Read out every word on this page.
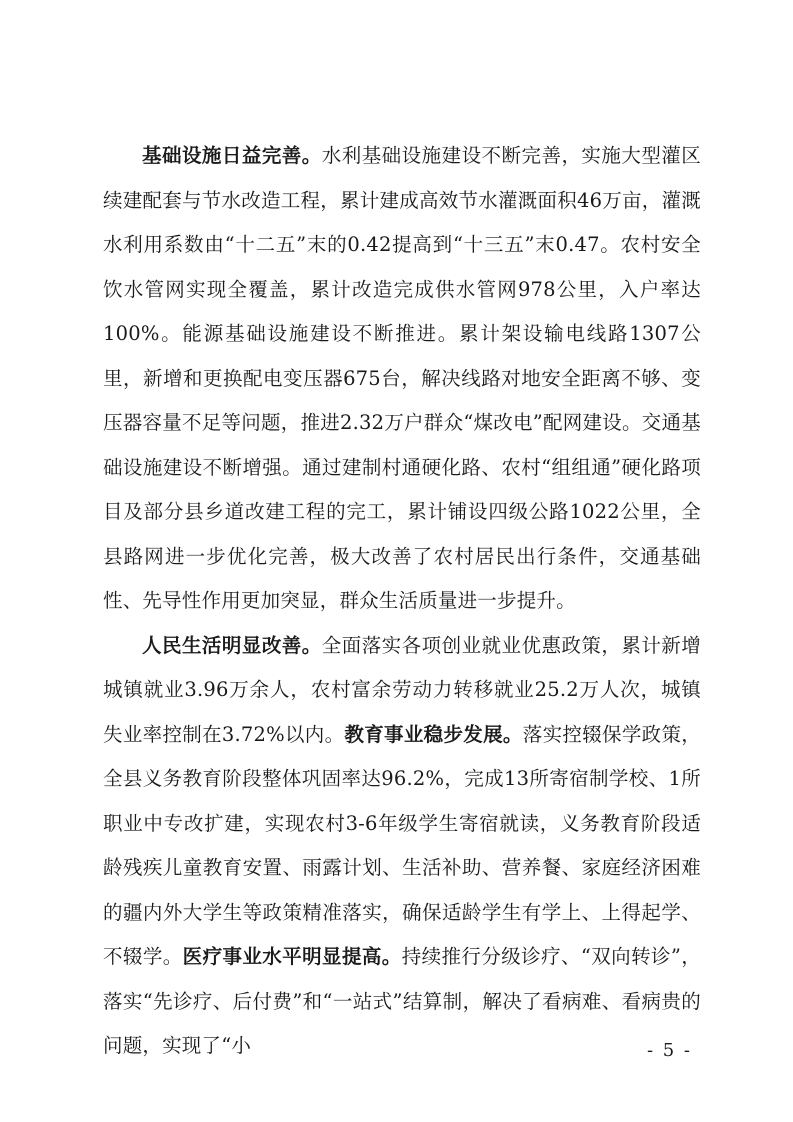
基础设施日益完善。水利基础设施建设不断完善，实施大型灌区续建配套与节水改造工程，累计建成高效节水灌溉面积46万亩，灌溉水利用系数由“十二五”末的0.42提高到“十三五”末0.47。农村安全饮水管网实现全覆盖，累计改造完成供水管网978公里，入户率达100%。能源基础设施建设不断推进。累计架设输电线路1307公里，新增和更换配电变压器675台，解决线路对地安全距离不够、变压器容量不足等问题，推进2.32万户群众“煤改电”配网建设。交通基础设施建设不断增强。通过建制村通硬化路、农村“组组通”硬化路项目及部分县乡道改建工程的完工，累计铺设四级公路1022公里，全县路网进一步优化完善，极大改善了农村居民出行条件，交通基础性、先导性作用更加突显，群众生活质量进一步提升。

人民生活明显改善。全面落实各项创业就业优惠政策，累计新增城镇就业3.96万余人，农村富余劳动力转移就业25.2万人次，城镇失业率控制在3.72%以内。教育事业稳步发展。落实控辍保学政策，全县义务教育阶段整体巩固率达96.2%，完成13所寄宿制学校、1所职业中专改扩建，实现农村3-6年级学生寄宿就读，义务教育阶段适龄残疾儿童教育安置、雨露计划、生活补助、营养餐、家庭经济困难的疆内外大学生等政策精准落实，确保适龄学生有学上、上得起学、不辍学。医疗事业水平明显提高。持续推行分级诊疗、“双向转诊”，落实“先诊疗、后付费”和“一站式”结算制，解决了看病难、看病贵的问题，实现了“小	- 5 -
